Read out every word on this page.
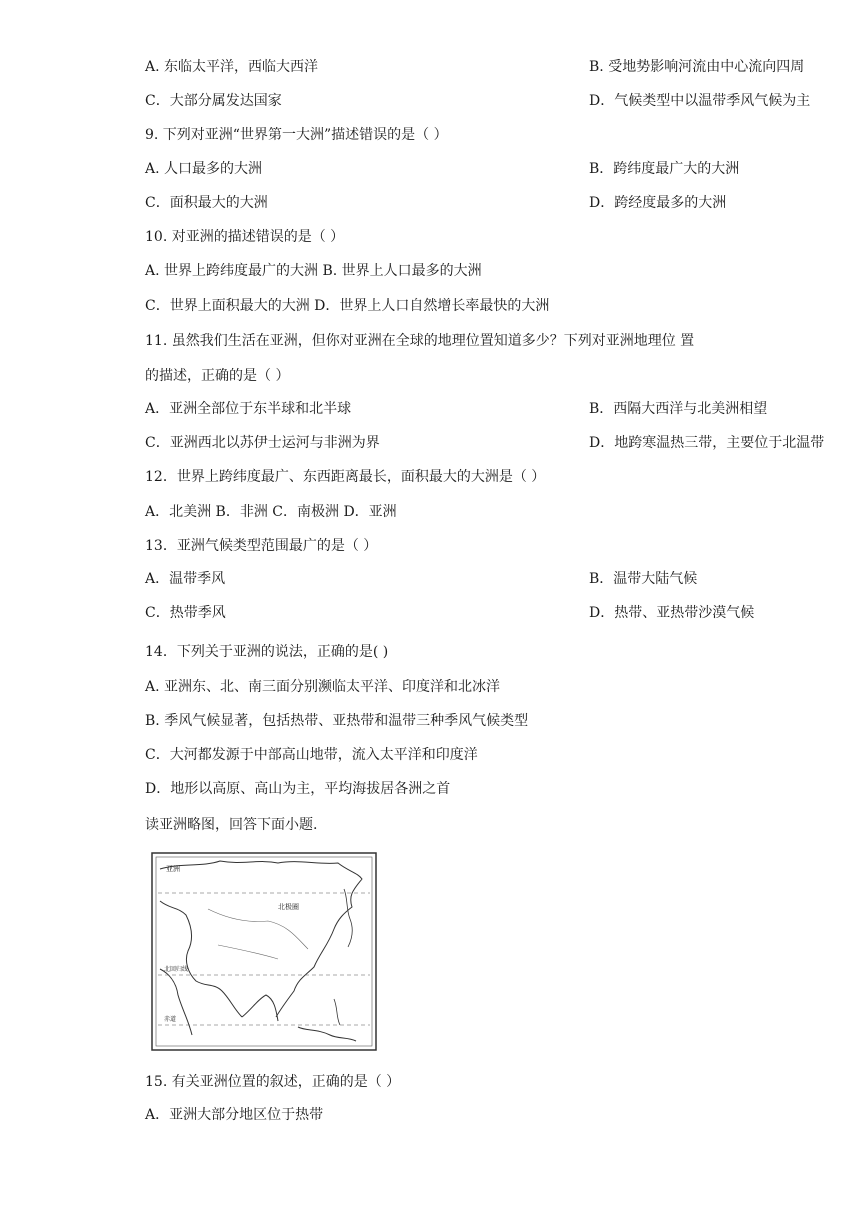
A. 东临太平洋，西临大西洋	B. 受地势影响河流由中心流向四周
C．大部分属发达国家	D．气候类型中以温带季风气候为主
9. 下列对亚洲“世界第一大洲”描述错误的是（ ）
A. 人口最多的大洲	B．跨纬度最广大的大洲
C．面积最大的大洲	D．跨经度最多的大洲
10. 对亚洲的描述错误的是（ ）
A. 世界上跨纬度最广的大洲 B. 世界上人口最多的大洲
C．世界上面积最大的大洲 D．世界上人口自然增长率最快的大洲
11. 虽然我们生活在亚洲，但你对亚洲在全球的地理位置知道多少？下列对亚洲地理位 置
的描述，正确的是（ ）
A．亚洲全部位于东半球和北半球	B．西隔大西洋与北美洲相望
C．亚洲西北以苏伊士运河与非洲为界	D．地跨寒温热三带，主要位于北温带
12．世界上跨纬度最广、东西距离最长，面积最大的大洲是（ ）
A．北美洲 B．非洲 C．南极洲 D．亚洲
13．亚洲气候类型范围最广的是（ ）
A．温带季风	B．温带大陆气候
C．热带季风	D．热带、亚热带沙漠气候
14．下列关于亚洲的说法，正确的是( )
A. 亚洲东、北、南三面分别濒临太平洋、印度洋和北冰洋
B. 季风气候显著，包括热带、亚热带和温带三种季风气候类型
C．大河都发源于中部高山地带，流入太平洋和印度洋
D．地形以高原、高山为主，平均海拔居各洲之首
读亚洲略图，回答下面小题.
亚洲
北极圈
北回归线
赤道
15. 有关亚洲位置的叙述，正确的是（ ）
A．亚洲大部分地区位于热带
